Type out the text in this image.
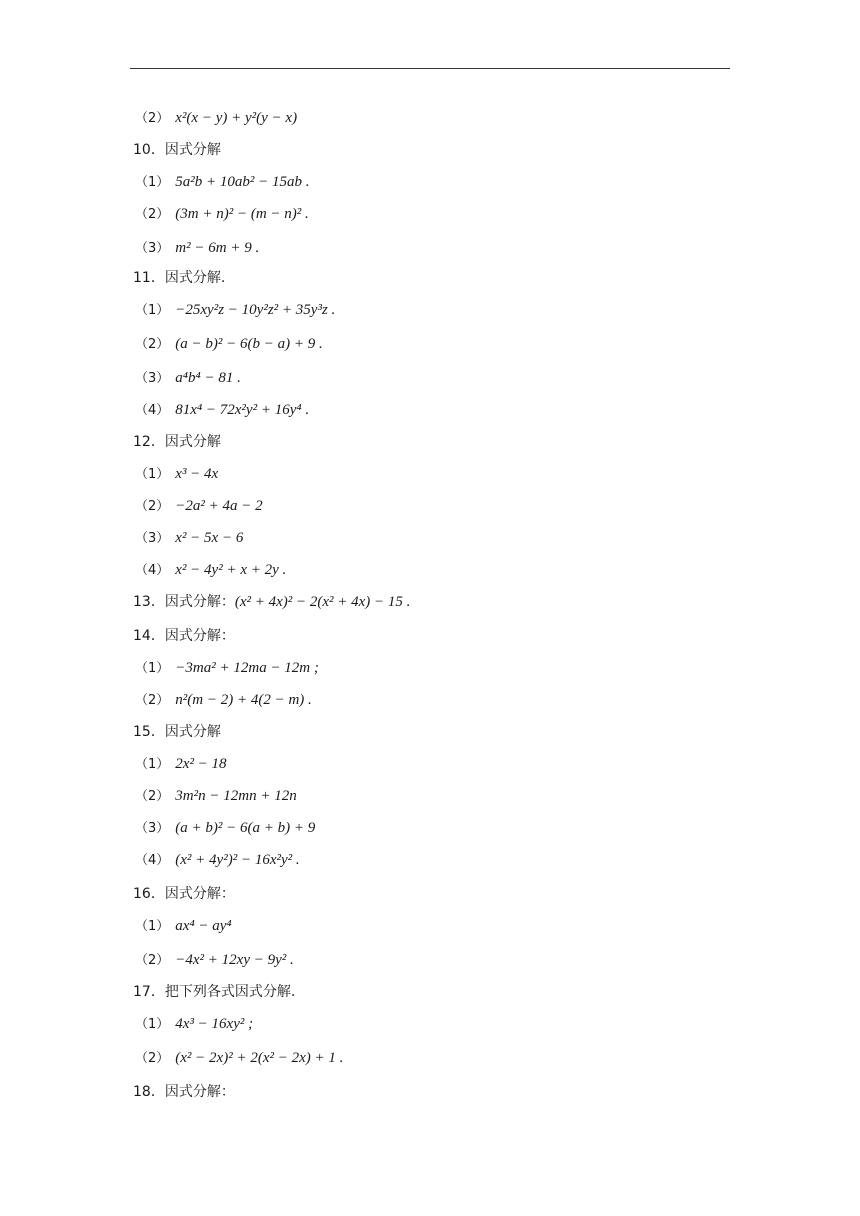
（2） x²(x − y) + y²(y − x)
10．因式分解
（1） 5a²b + 10ab² − 15ab .
（2） (3m + n)² − (m − n)² .
（3） m² − 6m + 9 .
11．因式分解.
（1） −25xy²z − 10y²z² + 35y³z .
（2） (a − b)² − 6(b − a) + 9 .
（3） a⁴b⁴ − 81 .
（4） 81x⁴ − 72x²y² + 16y⁴ .
12．因式分解
（1） x³ − 4x
（2） −2a² + 4a − 2
（3） x² − 5x − 6
（4） x² − 4y² + x + 2y .
13．因式分解：(x² + 4x)² − 2(x² + 4x) − 15 .
14．因式分解：
（1） −3ma² + 12ma − 12m ;
（2） n²(m − 2) + 4(2 − m) .
15．因式分解
（1） 2x² − 18
（2） 3m²n − 12mn + 12n
（3） (a + b)² − 6(a + b) + 9
（4） (x² + 4y²)² − 16x²y² .
16．因式分解：
（1） ax⁴ − ay⁴
（2） −4x² + 12xy − 9y² .
17．把下列各式因式分解.
（1） 4x³ − 16xy² ;
（2） (x² − 2x)² + 2(x² − 2x) + 1 .
18．因式分解：
